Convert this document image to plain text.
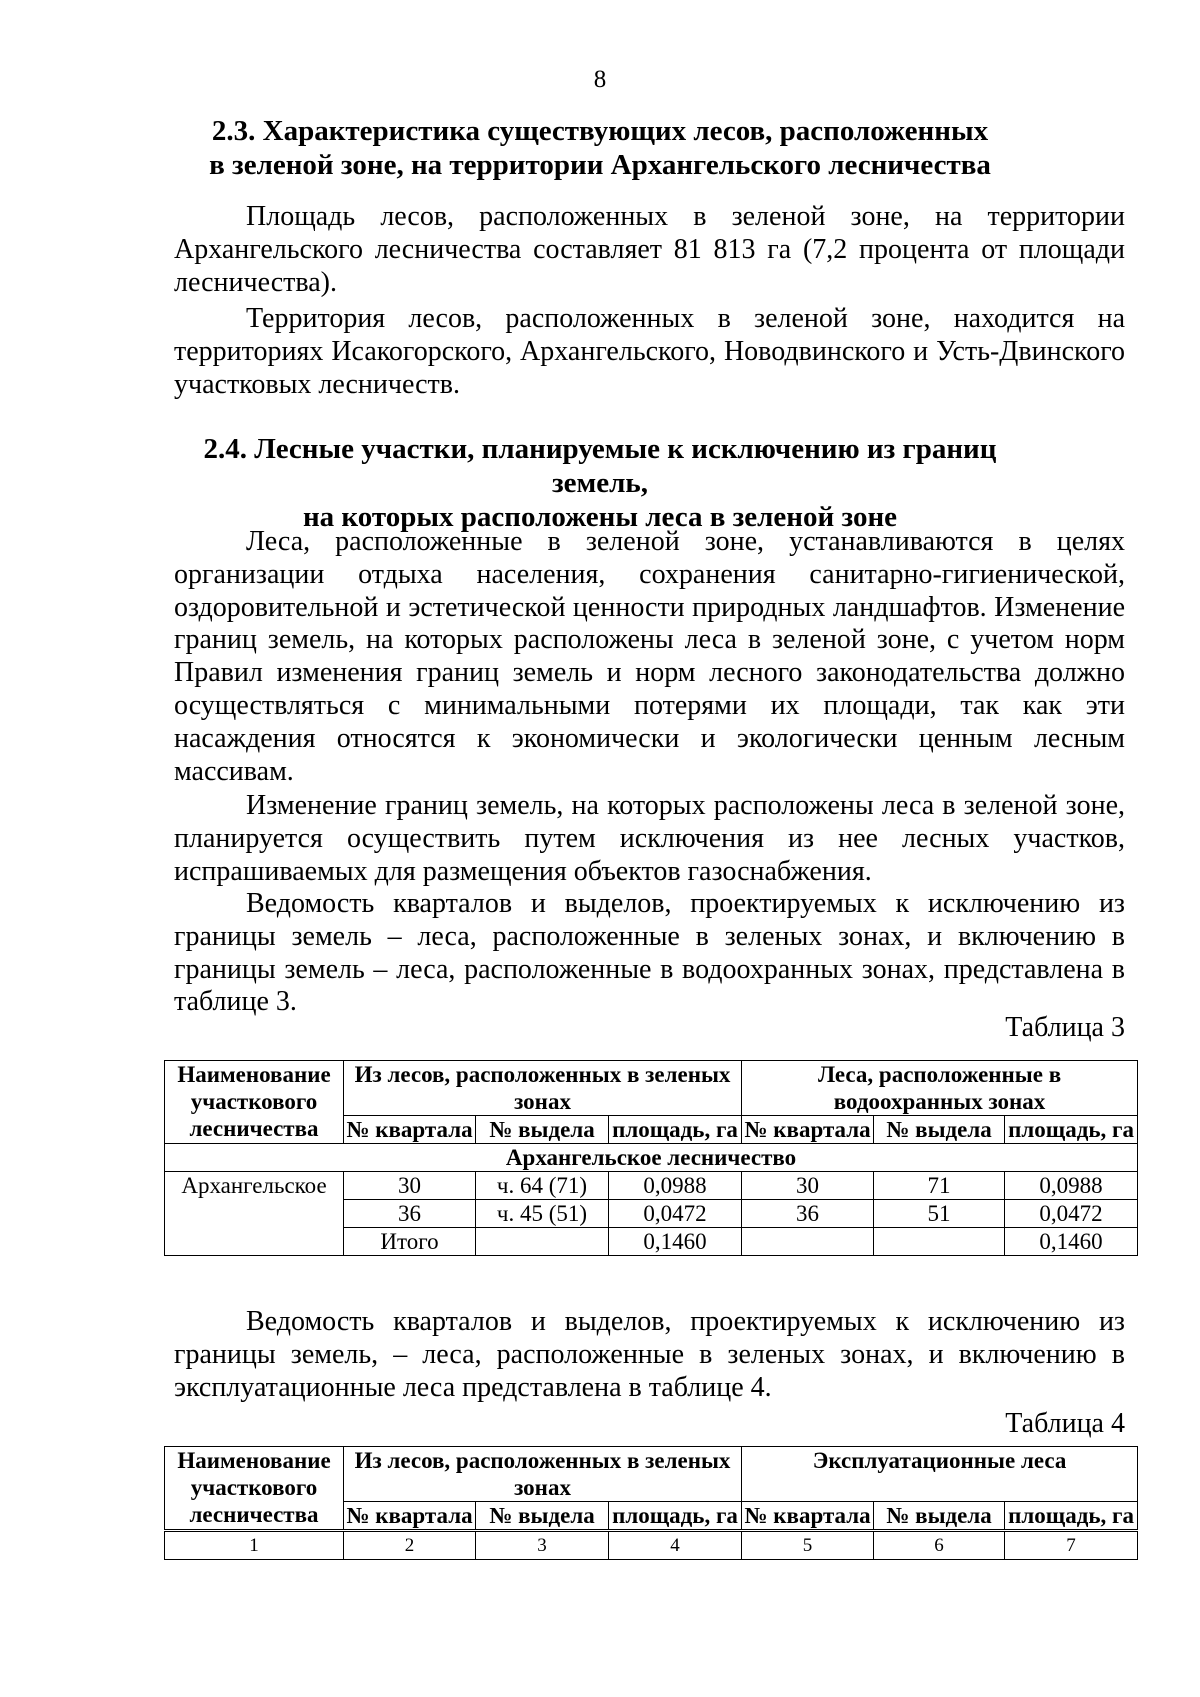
8
2.3. Характеристика существующих лесов, расположенных
в зеленой зоне, на территории Архангельского лесничества

Площадь лесов, расположенных в зеленой зоне, на территории Архангельского лесничества составляет 81 813 га (7,2 процента от площади лесничества).

Территория лесов, расположенных в зеленой зоне, находится на территориях Исакогорского, Архангельского, Новодвинского и Усть-Двинского участковых лесничеств.

2.4. Лесные участки, планируемые к исключению из границ земель,
на которых расположены леса в зеленой зоне

Леса, расположенные в зеленой зоне, устанавливаются в целях организации отдыха населения, сохранения санитарно-гигиенической, оздоровительной и эстетической ценности природных ландшафтов. Изменение границ земель, на которых расположены леса в зеленой зоне, с учетом норм Правил изменения границ земель и норм лесного законодательства должно осуществляться с минимальными потерями их площади, так как эти насаждения относятся к экономически и экологически ценным лесным массивам.

Изменение границ земель, на которых расположены леса в зеленой зоне, планируется осуществить путем исключения из нее лесных участков, испрашиваемых для размещения объектов газоснабжения.

Ведомость кварталов и выделов, проектируемых к исключению из границы земель – леса, расположенные в зеленых зонах, и включению в границы земель – леса, расположенные в водоохранных зонах, представлена в таблице 3.

Таблица 3
Наименование участкового лесничества	Из лесов, расположенных в зеленых зонах			Леса, расположенные в водоохранных зонах		
	№ квартала	№ выдела	площадь, га	№ квартала	№ выдела	площадь, га
Архангельское лесничество						
Архангельское	30	ч. 64 (71)	0,0988	30	71	0,0988
	36	ч. 45 (51)	0,0472	36	51	0,0472
	Итого		0,1460			0,1460

Ведомость кварталов и выделов, проектируемых к исключению из границы земель, – леса, расположенные в зеленых зонах, и включению в эксплуатационные леса представлена в таблице 4.

Таблица 4
Наименование участкового лесничества	Из лесов, расположенных в зеленых зонах			Эксплуатационные леса		
	№ квартала	№ выдела	площадь, га	№ квартала	№ выдела	площадь, га
1	2	3	4	5	6	7
